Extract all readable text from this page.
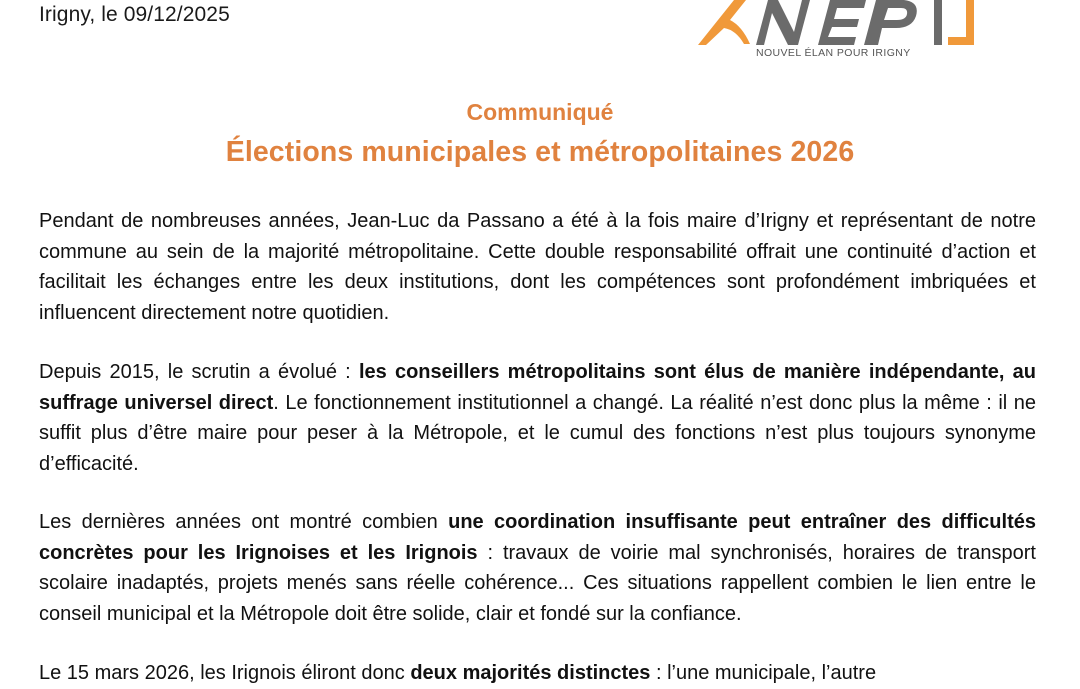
Irigny, le 09/12/2025
NOUVEL ÉLAN POUR IRIGNY
Communiqué
Élections municipales et métropolitaines 2026

Pendant de nombreuses années, Jean-Luc da Passano a été à la fois maire d’Irigny et représentant de notre commune au sein de la majorité métropolitaine. Cette double responsabilité offrait une continuité d’action et facilitait les échanges entre les deux institutions, dont les compétences sont profondément imbriquées et influencent directement notre quotidien.

Depuis 2015, le scrutin a évolué : les conseillers métropolitains sont élus de manière indépendante, au suffrage universel direct. Le fonctionnement institutionnel a changé. La réalité n’est donc plus la même : il ne suffit plus d’être maire pour peser à la Métropole, et le cumul des fonctions n’est plus toujours synonyme d’efficacité.

Les dernières années ont montré combien une coordination insuffisante peut entraîner des difficultés concrètes pour les Irignoises et les Irignois : travaux de voirie mal synchronisés, horaires de transport scolaire inadaptés, projets menés sans réelle cohérence... Ces situations rappellent combien le lien entre le conseil municipal et la Métropole doit être solide, clair et fondé sur la confiance.

Le 15 mars 2026, les Irignois éliront donc deux majorités distinctes : l’une municipale, l’autre
